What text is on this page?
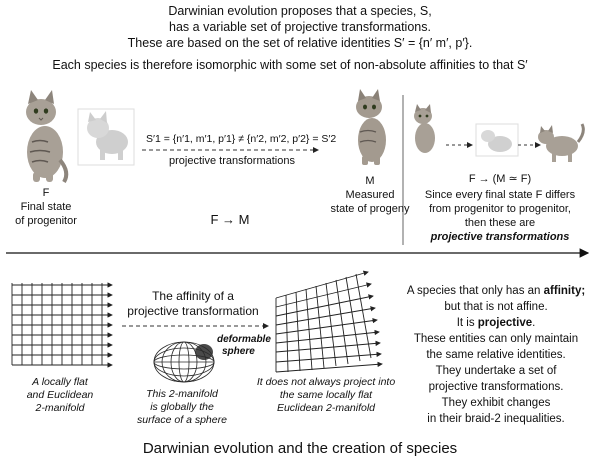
Darwinian evolution proposes that a species, S,
has a variable set of projective transformations.
These are based on the set of relative identities S′ = {n′ m′, p′}.
Each species is therefore isomorphic with some set of non-absolute affinities to that S′
S′1 = {n′1, m′1, p′1} ≠ {n′2, m′2, p′2} = S′2
projective transformations
F
Final state
of progenitor	F → M
M
Measured
state of progeny
F → (M ≃ F)
Since every final state F differs
from progenitor to progenitor,
then these are
projective transformations
The affinity of a
projective transformation
deformable
sphere
A locally flat
and Euclidean
2-manifold
This 2-manifold
is globally the
surface of a sphere
It does not always project into
the same locally flat
Euclidean 2-manifold
A species that only has an affinity;
but that is not affine.
It is projective.
These entities can only maintain
the same relative identities.
They undertake a set of
projective transformations.
They exhibit changes
in their braid-2 inequalities.
Darwinian evolution and the creation of species
